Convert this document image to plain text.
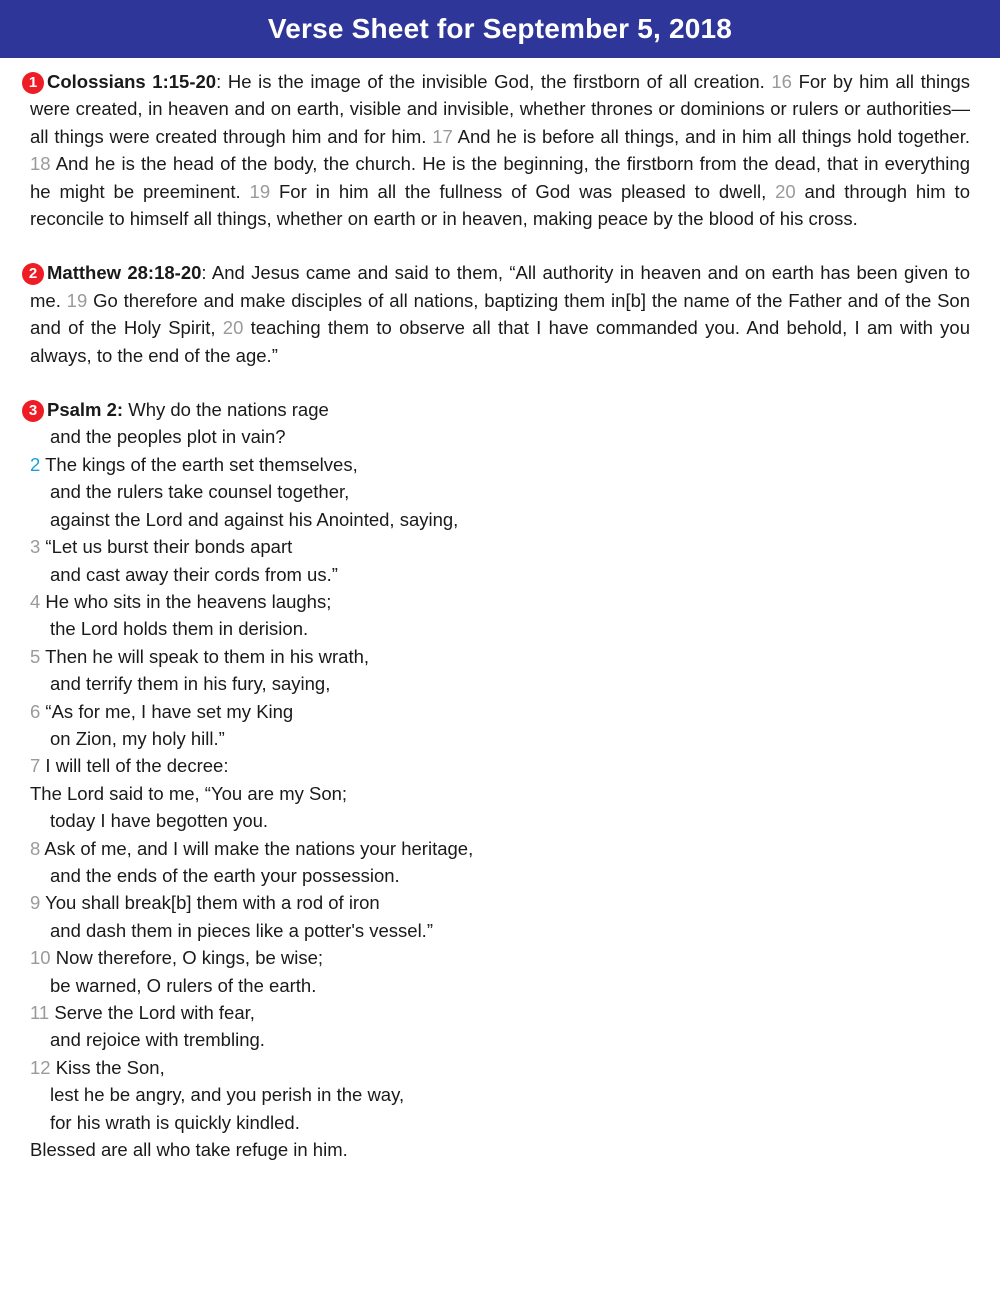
Verse Sheet for September 5, 2018
1 Colossians 1:15-20: He is the image of the invisible God, the firstborn of all creation. 16 For by him all things were created, in heaven and on earth, visible and invisible, whether thrones or dominions or rulers or authorities—all things were created through him and for him. 17 And he is before all things, and in him all things hold together. 18 And he is the head of the body, the church. He is the beginning, the firstborn from the dead, that in everything he might be preeminent. 19 For in him all the fullness of God was pleased to dwell, 20 and through him to reconcile to himself all things, whether on earth or in heaven, making peace by the blood of his cross.
2 Matthew 28:18-20: And Jesus came and said to them, “All authority in heaven and on earth has been given to me. 19 Go therefore and make disciples of all nations, baptizing them in[b] the name of the Father and of the Son and of the Holy Spirit, 20 teaching them to observe all that I have commanded you. And behold, I am with you always, to the end of the age.”
3 Psalm 2: Why do the nations rage
and the peoples plot in vain?
2 The kings of the earth set themselves,
and the rulers take counsel together,
against the Lord and against his Anointed, saying,
3 “Let us burst their bonds apart
and cast away their cords from us.”
4 He who sits in the heavens laughs;
the Lord holds them in derision.
5 Then he will speak to them in his wrath,
and terrify them in his fury, saying,
6 “As for me, I have set my King
on Zion, my holy hill.”
7 I will tell of the decree:
The Lord said to me, “You are my Son;
today I have begotten you.
8 Ask of me, and I will make the nations your heritage,
and the ends of the earth your possession.
9 You shall break[b] them with a rod of iron
and dash them in pieces like a potter's vessel.”
10 Now therefore, O kings, be wise;
be warned, O rulers of the earth.
11 Serve the Lord with fear,
and rejoice with trembling.
12 Kiss the Son,
lest he be angry, and you perish in the way,
for his wrath is quickly kindled.
Blessed are all who take refuge in him.
